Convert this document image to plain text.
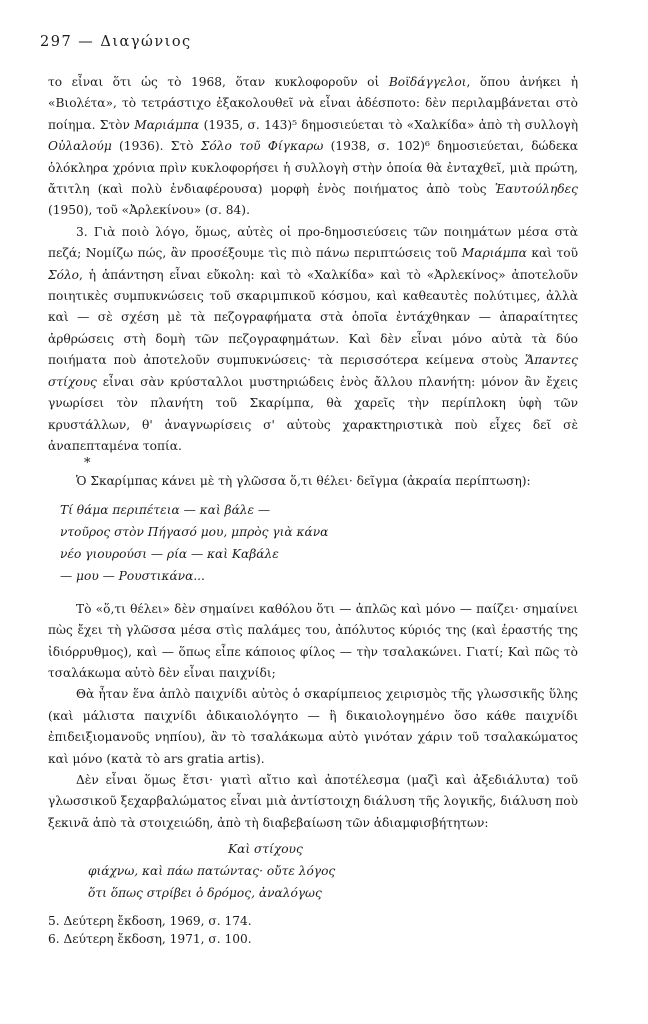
297 — Διαγώνιος

το εἶναι ὅτι ὡς τὸ 1968, ὅταν κυκλοφοροῦν οἱ Βοϊδάγγελοι, ὅπου ἀνήκει ἡ «Βιολέτα», τὸ τετράστιχο ἐξακολουθεῖ νὰ εἶναι ἀδέσποτο: δὲν περιλαμβάνεται στὸ ποίημα. Στὸν Μαριάμπα (1935, σ. 143)⁵ δημοσιεύεται τὸ «Χαλκίδα» ἀπὸ τὴ συλλογὴ Οὐλαλούμ (1936). Στὸ Σόλο τοῦ Φίγκαρω (1938, σ. 102)⁶ δημοσιεύεται, δώδεκα ὁλόκληρα χρόνια πρὶν κυκλοφορήσει ἡ συλλογὴ στὴν ὁποία θὰ ἐνταχθεῖ, μιὰ πρώτη, ἄτιτλη (καὶ πολὺ ἐνδιαφέρουσα) μορφὴ ἑνὸς ποιήματος ἀπὸ τοὺς Ἑαυτούληδες (1950), τοῦ «Ἀρλεκίνου» (σ. 84).

3. Γιὰ ποιὸ λόγο, ὅμως, αὐτὲς οἱ προ-δημοσιεύσεις τῶν ποιημάτων μέσα στὰ πεζά; Νομίζω πώς, ἂν προσέξουμε τὶς πιὸ πάνω περιπτώσεις τοῦ Μαριάμπα καὶ τοῦ Σόλο, ἡ ἀπάντηση εἶναι εὔκολη: καὶ τὸ «Χαλκίδα» καὶ τὸ «Ἀρλεκίνος» ἀποτελοῦν ποιητικὲς συμπυκνώσεις τοῦ σκαριμπικοῦ κόσμου, καὶ καθεαυτὲς πολύτιμες, ἀλλὰ καὶ — σὲ σχέση μὲ τὰ πεζογραφήματα στὰ ὁποῖα ἐντάχθηκαν — ἀπαραίτητες ἀρθρώσεις στὴ δομὴ τῶν πεζογραφημάτων. Καὶ δὲν εἶναι μόνο αὐτὰ τὰ δύο ποιήματα ποὺ ἀποτελοῦν συμπυκνώσεις· τὰ περισσότερα κείμενα στοὺς Ἅπαντες στίχους εἶναι σὰν κρύσταλλοι μυστηριώδεις ἑνὸς ἄλλου πλανήτη: μόνον ἂν ἔχεις γνωρίσει τὸν πλανήτη τοῦ Σκαρίμπα, θὰ χαρεῖς τὴν περίπλοκη ὑφὴ τῶν κρυστάλλων, θ' ἀναγνωρίσεις σ' αὐτοὺς χαρακτηριστικὰ ποὺ εἶχες δεῖ σὲ ἀναπεπταμένα τοπία.

*

Ὁ Σκαρίμπας κάνει μὲ τὴ γλῶσσα ὅ,τι θέλει· δεῖγμα (ἀκραία περίπτωση):

Τί θάμα περιπέτεια — καὶ βάλε —
ντοῦρος στὸν Πήγασό μου, μπρὸς γιὰ κάνα
νέο γιουρούσι — ρία — καὶ Καβάλε
— μου — Ρουστικάνα...

Τὸ «ὅ,τι θέλει» δὲν σημαίνει καθόλου ὅτι — ἁπλῶς καὶ μόνο — παίζει· σημαίνει πὼς ἔχει τὴ γλῶσσα μέσα στὶς παλάμες του, ἀπόλυτος κύριός της (καὶ ἐραστής της ἰδιόρρυθμος), καὶ — ὅπως εἶπε κάποιος φίλος — τὴν τσαλακώνει. Γιατί; Καὶ πῶς τὸ τσαλάκωμα αὐτὸ δὲν εἶναι παιχνίδι;

Θὰ ἦταν ἕνα ἁπλὸ παιχνίδι αὐτὸς ὁ σκαρίμπειος χειρισμὸς τῆς γλωσσικῆς ὕλης (καὶ μάλιστα παιχνίδι ἀδικαιολόγητο — ἢ δικαιολογημένο ὅσο κάθε παιχνίδι ἐπιδειξιομανοῦς νηπίου), ἂν τὸ τσαλάκωμα αὐτὸ γινόταν χάριν τοῦ τσαλακώματος καὶ μόνο (κατὰ τὸ ars gratia artis).

Δὲν εἶναι ὅμως ἔτσι· γιατὶ αἴτιο καὶ ἀποτέλεσμα (μαζὶ καὶ ἀξεδιάλυτα) τοῦ γλωσσικοῦ ξεχαρβαλώματος εἶναι μιὰ ἀντίστοιχη διάλυση τῆς λογικῆς, διάλυση ποὺ ξεκινᾶ ἀπὸ τὰ στοιχειώδη, ἀπὸ τὴ διαβεβαίωση τῶν ἀδιαμφισβήτητων:

Καὶ στίχους
φιάχνω, καὶ πάω πατώντας· οὔτε λόγος
ὅτι ὅπως στρίβει ὁ δρόμος, ἀναλόγως
5. Δεύτερη ἔκδοση, 1969, σ. 174.
6. Δεύτερη ἔκδοση, 1971, σ. 100.
